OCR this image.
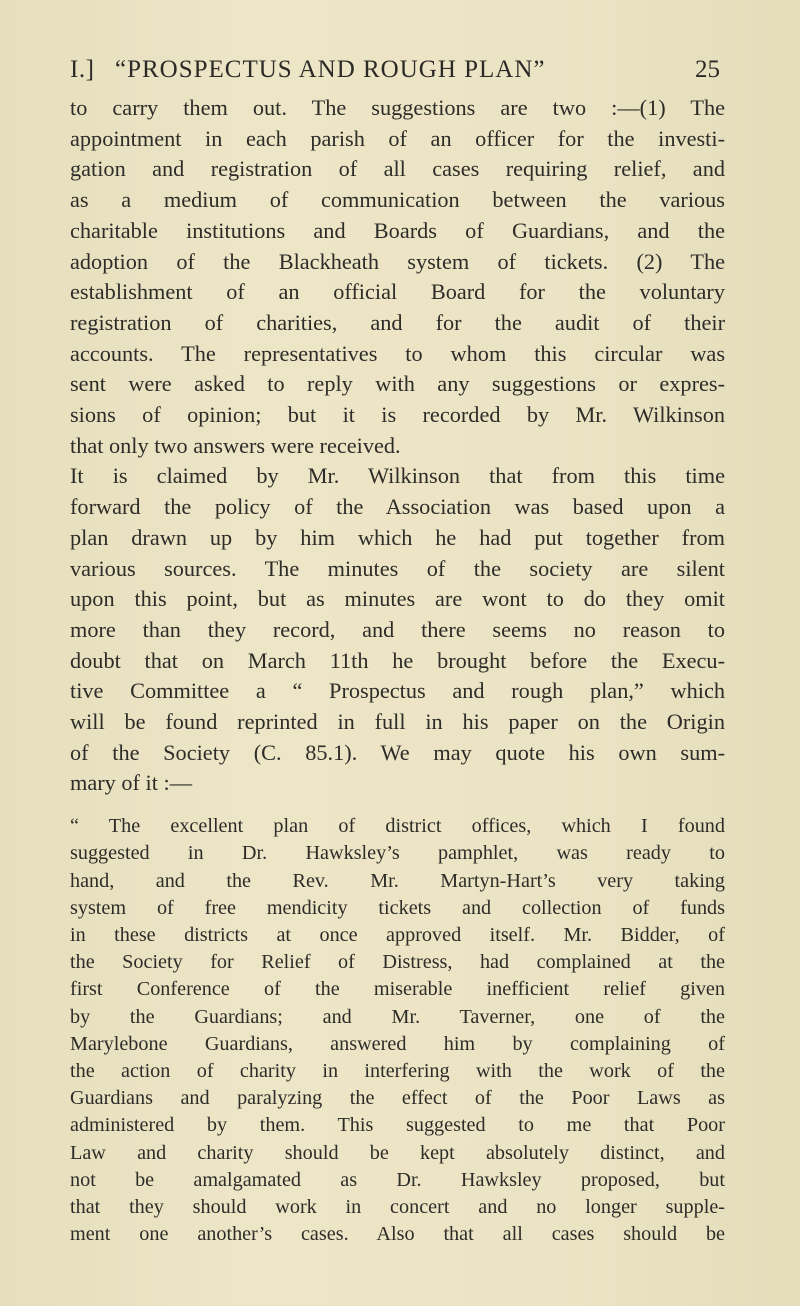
I.] “PROSPECTUS AND ROUGH PLAN”	25

to carry them out. The suggestions are two :—(1) The
appointment in each parish of an officer for the investi-
gation and registration of all cases requiring relief, and
as a medium of communication between the various
charitable institutions and Boards of Guardians, and the
adoption of the Blackheath system of tickets. (2) The
establishment of an official Board for the voluntary
registration of charities, and for the audit of their
accounts. The representatives to whom this circular was
sent were asked to reply with any suggestions or expres-
sions of opinion; but it is recorded by Mr. Wilkinson
that only two answers were received.

It is claimed by Mr. Wilkinson that from this time
forward the policy of the Association was based upon a
plan drawn up by him which he had put together from
various sources. The minutes of the society are silent
upon this point, but as minutes are wont to do they omit
more than they record, and there seems no reason to
doubt that on March 11th he brought before the Execu-
tive Committee a “ Prospectus and rough plan,” which
will be found reprinted in full in his paper on the Origin
of the Society (C. 85.1). We may quote his own sum-
mary of it :—

“ The excellent plan of district offices, which I found
suggested in Dr. Hawksley’s pamphlet, was ready to
hand, and the Rev. Mr. Martyn-Hart’s very taking
system of free mendicity tickets and collection of funds
in these districts at once approved itself. Mr. Bidder, of
the Society for Relief of Distress, had complained at the
first Conference of the miserable inefficient relief given
by the Guardians; and Mr. Taverner, one of the
Marylebone Guardians, answered him by complaining of
the action of charity in interfering with the work of the
Guardians and paralyzing the effect of the Poor Laws as
administered by them. This suggested to me that Poor
Law and charity should be kept absolutely distinct, and
not be amalgamated as Dr. Hawksley proposed, but
that they should work in concert and no longer supple-
ment one another’s cases. Also that all cases should be
